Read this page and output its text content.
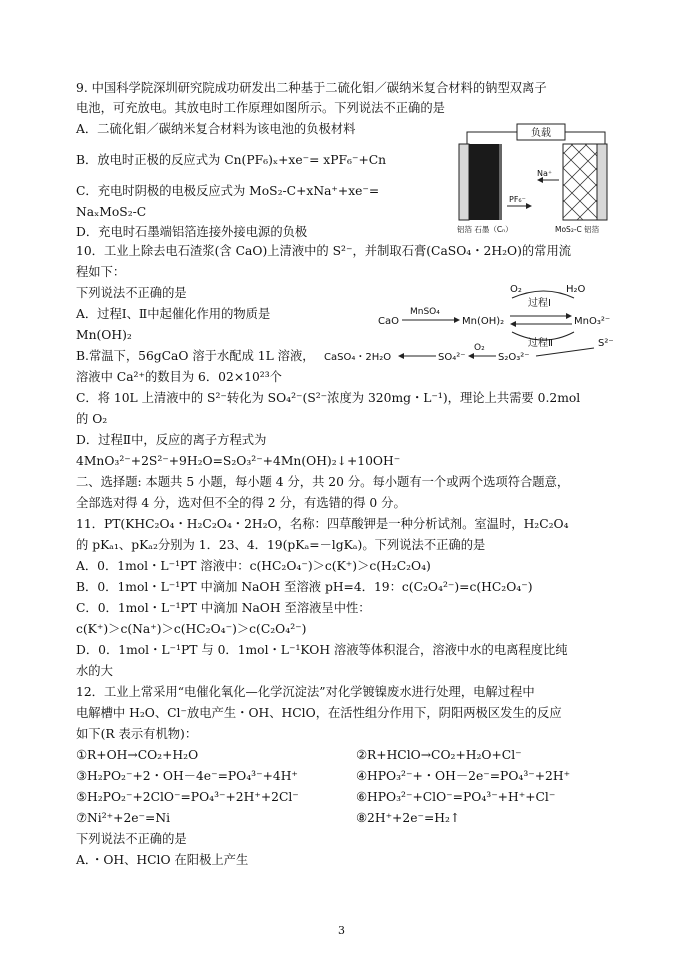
9. 中国科学院深圳研究院成功研发出二种基于二硫化钼／碳纳米复合材料的钠型双离子
电池，可充放电。其放电时工作原理如图所示。下列说法不正确的是
A．二硫化钼／碳纳米复合材料为该电池的负极材料
B．放电时正极的反应式为 Cn(PF₆)ₓ+xe⁻= xPF₆⁻+Cn
C．充电时阴极的电极反应式为 MoS₂-C+xNa⁺+xe⁻=
NaₓMoS₂-C
D．充电时石墨端铝箔连接外接电源的负极
负载
Na⁺
PF₆⁻
铝箔 石墨（Cₙ）	MoS₂-C 铝箔
10．工业上除去电石渣浆(含 CaO)上清液中的 S²⁻，并制取石膏(CaSO₄・2H₂O)的常用流
程如下：
下列说法不正确的是
A．过程Ⅰ、Ⅱ中起催化作用的物质是
Mn(OH)₂
B.常温下，56gCaO 溶于水配成 1L 溶液，
溶液中 Ca²⁺的数目为 6．02×10²³个
C．将 10L 上清液中的 S²⁻转化为 SO₄²⁻(S²⁻浓度为 320mg・L⁻¹)，理论上共需要 0.2mol
的 O₂
D．过程Ⅱ中，反应的离子方程式为
4MnO₃²⁻+2S²⁻+9H₂O=S₂O₃²⁻+4Mn(OH)₂↓+10OH⁻
O₂	H₂O
过程Ⅰ
CaO
MnSO₄
Mn(OH)₂	MnO₃²⁻
过程Ⅱ
CaSO₄・2H₂O	SO₄²⁻
O₂
S₂O₃²⁻
S²⁻
二、选择题: 本题共 5 小题，每小题 4 分，共 20 分。每小题有一个或两个选项符合题意，
全部选对得 4 分，选对但不全的得 2 分，有选错的得 0 分。
11．PT(KHC₂O₄・H₂C₂O₄・2H₂O，名称：四草酸钾是一种分析试剂。室温时，H₂C₂O₄
的 pKₐ₁、pKₐ₂分别为 1．23、4．19(pKₐ=－lgKₐ)。下列说法不正确的是
A．0．1mol・L⁻¹PT 溶液中：c(HC₂O₄⁻)＞c(K⁺)＞c(H₂C₂O₄)
B．0．1mol・L⁻¹PT 中滴加 NaOH 至溶液 pH=4．19：c(C₂O₄²⁻)=c(HC₂O₄⁻)
C．0．1mol・L⁻¹PT 中滴加 NaOH 至溶液呈中性：
c(K⁺)＞c(Na⁺)＞c(HC₂O₄⁻)＞c(C₂O₄²⁻)
D．0．1mol・L⁻¹PT 与 0．1mol・L⁻¹KOH 溶液等体积混合，溶液中水的电离程度比纯
水的大
12．工业上常采用“电催化氧化—化学沉淀法”对化学镀镍废水进行处理，电解过程中
电解槽中 H₂O、Cl⁻放电产生・OH、HClO，在活性组分作用下，阴阳两极区发生的反应
如下(R 表示有机物)：
①R+OH→CO₂+H₂O	②R+HClO→CO₂+H₂O+Cl⁻
③H₂PO₂⁻+2・OH－4e⁻=PO₄³⁻+4H⁺	④HPO₃²⁻+・OH－2e⁻=PO₄³⁻+2H⁺
⑤H₂PO₂⁻+2ClO⁻=PO₄³⁻+2H⁺+2Cl⁻	⑥HPO₃²⁻+ClO⁻=PO₄³⁻+H⁺+Cl⁻
⑦Ni²⁺+2e⁻=Ni	⑧2H⁺+2e⁻=H₂↑
下列说法不正确的是
A．・OH、HClO 在阳极上产生
3
